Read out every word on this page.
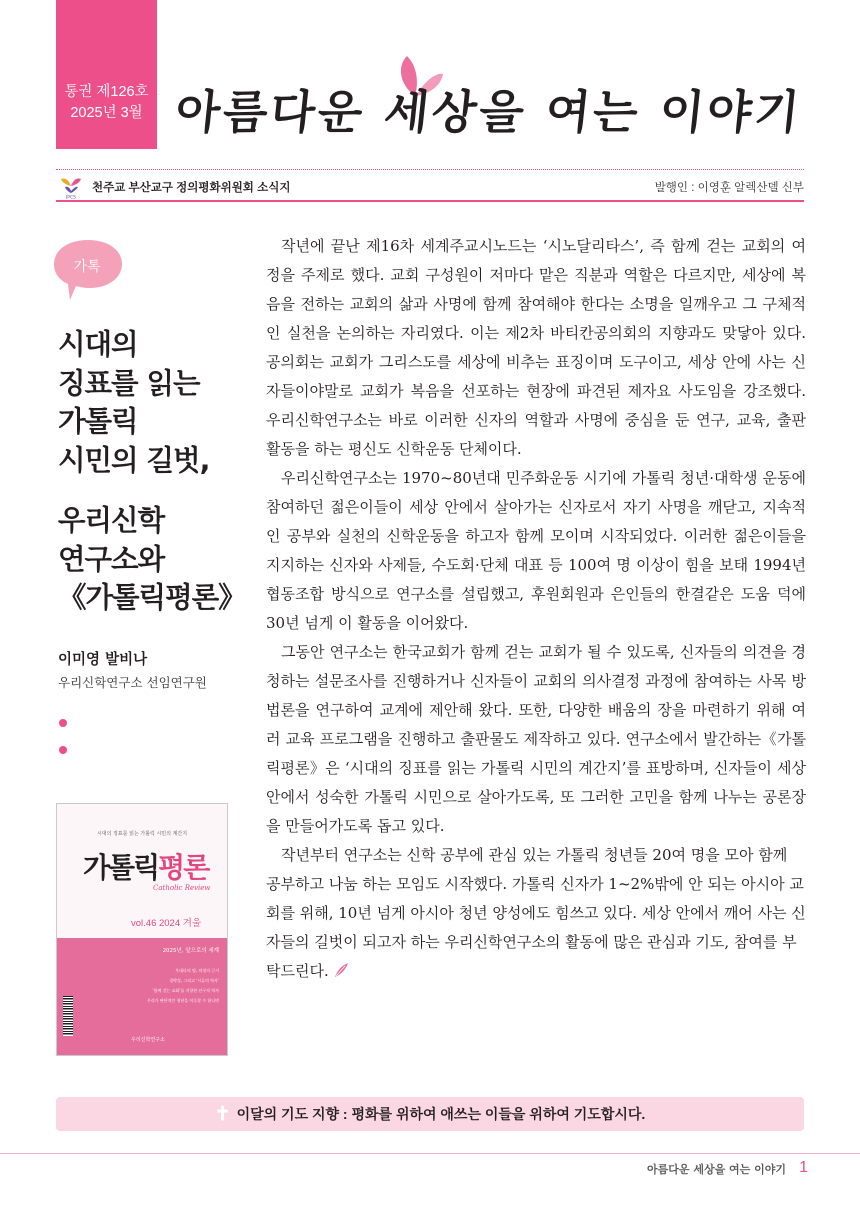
통권 제126호
2025년 3월 아름다운 세상을 여는 이야기
JPCS
천주교 부산교구 정의평화위원회 소식지	발행인 : 이영훈 알렉산델 신부
가톡
시대의
징표를 읽는
가톨릭
시민의 길벗,
우리신학
연구소와
《가톨릭평론》
이미영 발비나
우리신학연구소 선임연구원
시대의 징표를 읽는 가톨릭 시민의 계간지
가톨릭평론
Catholic Review
vol.46 2024 겨울
2025년, 앞으로의 세계
우대타의 팀, 의정의 근거
경박성, 그리고 '시류의 역사'
'함께 걷는 교회'를 지향한 선구적 역사
우리가 판단적인 청년을 이루할 수 합니면
우리신학연구소

작년에 끝난 제16차 세계주교시노드는 ‘시노달리타스’, 즉 함께 걷는 교회의 여정을 주제로 했다. 교회 구성원이 저마다 맡은 직분과 역할은 다르지만, 세상에 복음을 전하는 교회의 삶과 사명에 함께 참여해야 한다는 소명을 일깨우고 그 구체적인 실천을 논의하는 자리였다. 이는 제2차 바티칸공의회의 지향과도 맞닿아 있다. 공의회는 교회가 그리스도를 세상에 비추는 표징이며 도구이고, 세상 안에 사는 신자들이야말로 교회가 복음을 선포하는 현장에 파견된 제자요 사도임을 강조했다. 우리신학연구소는 바로 이러한 신자의 역할과 사명에 중심을 둔 연구, 교육, 출판 활동을 하는 평신도 신학운동 단체이다.

우리신학연구소는 1970~80년대 민주화운동 시기에 가톨릭 청년·대학생 운동에 참여하던 젊은이들이 세상 안에서 살아가는 신자로서 자기 사명을 깨닫고, 지속적인 공부와 실천의 신학운동을 하고자 함께 모이며 시작되었다. 이러한 젊은이들을 지지하는 신자와 사제들, 수도회·단체 대표 등 100여 명 이상이 힘을 보태 1994년 협동조합 방식으로 연구소를 설립했고, 후원회원과 은인들의 한결같은 도움 덕에 30년 넘게 이 활동을 이어왔다.

그동안 연구소는 한국교회가 함께 걷는 교회가 될 수 있도록, 신자들의 의견을 경청하는 설문조사를 진행하거나 신자들이 교회의 의사결정 과정에 참여하는 사목 방법론을 연구하여 교계에 제안해 왔다. 또한, 다양한 배움의 장을 마련하기 위해 여러 교육 프로그램을 진행하고 출판물도 제작하고 있다. 연구소에서 발간하는《가톨릭평론》은 ‘시대의 징표를 읽는 가톨릭 시민의 계간지’를 표방하며, 신자들이 세상 안에서 성숙한 가톨릭 시민으로 살아가도록, 또 그러한 고민을 함께 나누는 공론장을 만들어가도록 돕고 있다.

작년부터 연구소는 신학 공부에 관심 있는 가톨릭 청년들 20여 명을 모아 함께 공부하고 나눔 하는 모임도 시작했다. 가톨릭 신자가 1~2%밖에 안 되는 아시아 교회를 위해, 10년 넘게 아시아 청년 양성에도 힘쓰고 있다. 세상 안에서 깨어 사는 신자들의 길벗이 되고자 하는 우리신학연구소의 활동에 많은 관심과 기도, 참여를 부탁드린다.

✝ 이달의 기도 지향 : 평화를 위하여 애쓰는 이들을 위하여 기도합시다.
아름다운 세상을 여는 이야기 1
